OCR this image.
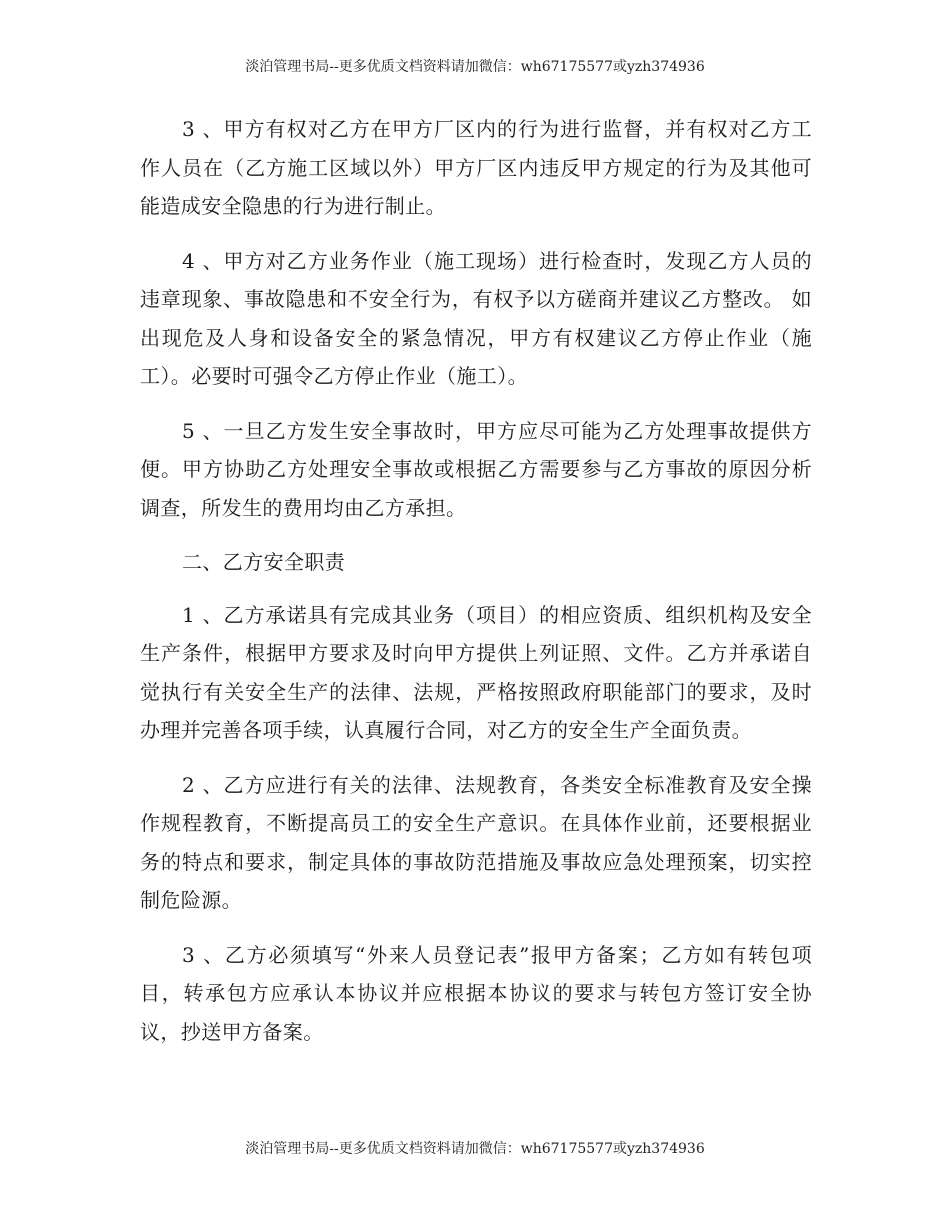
淡泊管理书局--更多优质文档资料请加微信：wh67175577或yzh374936

3 、甲方有权对乙方在甲方厂区内的行为进行监督，并有权对乙方工作人员在（乙方施工区域以外）甲方厂区内违反甲方规定的行为及其他可能造成安全隐患的行为进行制止。

4 、甲方对乙方业务作业（施工现场）进行检查时，发现乙方人员的违章现象、事故隐患和不安全行为，有权予以方磋商并建议乙方整改。 如出现危及人身和设备安全的紧急情况，甲方有权建议乙方停止作业（施工）。必要时可强令乙方停止作业（施工）。

5 、一旦乙方发生安全事故时，甲方应尽可能为乙方处理事故提供方便。甲方协助乙方处理安全事故或根据乙方需要参与乙方事故的原因分析调查，所发生的费用均由乙方承担。

二、乙方安全职责

1 、乙方承诺具有完成其业务（项目）的相应资质、组织机构及安全生产条件，根据甲方要求及时向甲方提供上列证照、文件。乙方并承诺自觉执行有关安全生产的法律、法规，严格按照政府职能部门的要求，及时办理并完善各项手续，认真履行合同，对乙方的安全生产全面负责。

2 、乙方应进行有关的法律、法规教育，各类安全标准教育及安全操作规程教育，不断提高员工的安全生产意识。在具体作业前，还要根据业务的特点和要求，制定具体的事故防范措施及事故应急处理预案，切实控制危险源。

3 、乙方必须填写“外来人员登记表”报甲方备案；乙方如有转包项目，转承包方应承认本协议并应根据本协议的要求与转包方签订安全协议，抄送甲方备案。

淡泊管理书局--更多优质文档资料请加微信：wh67175577或yzh374936
